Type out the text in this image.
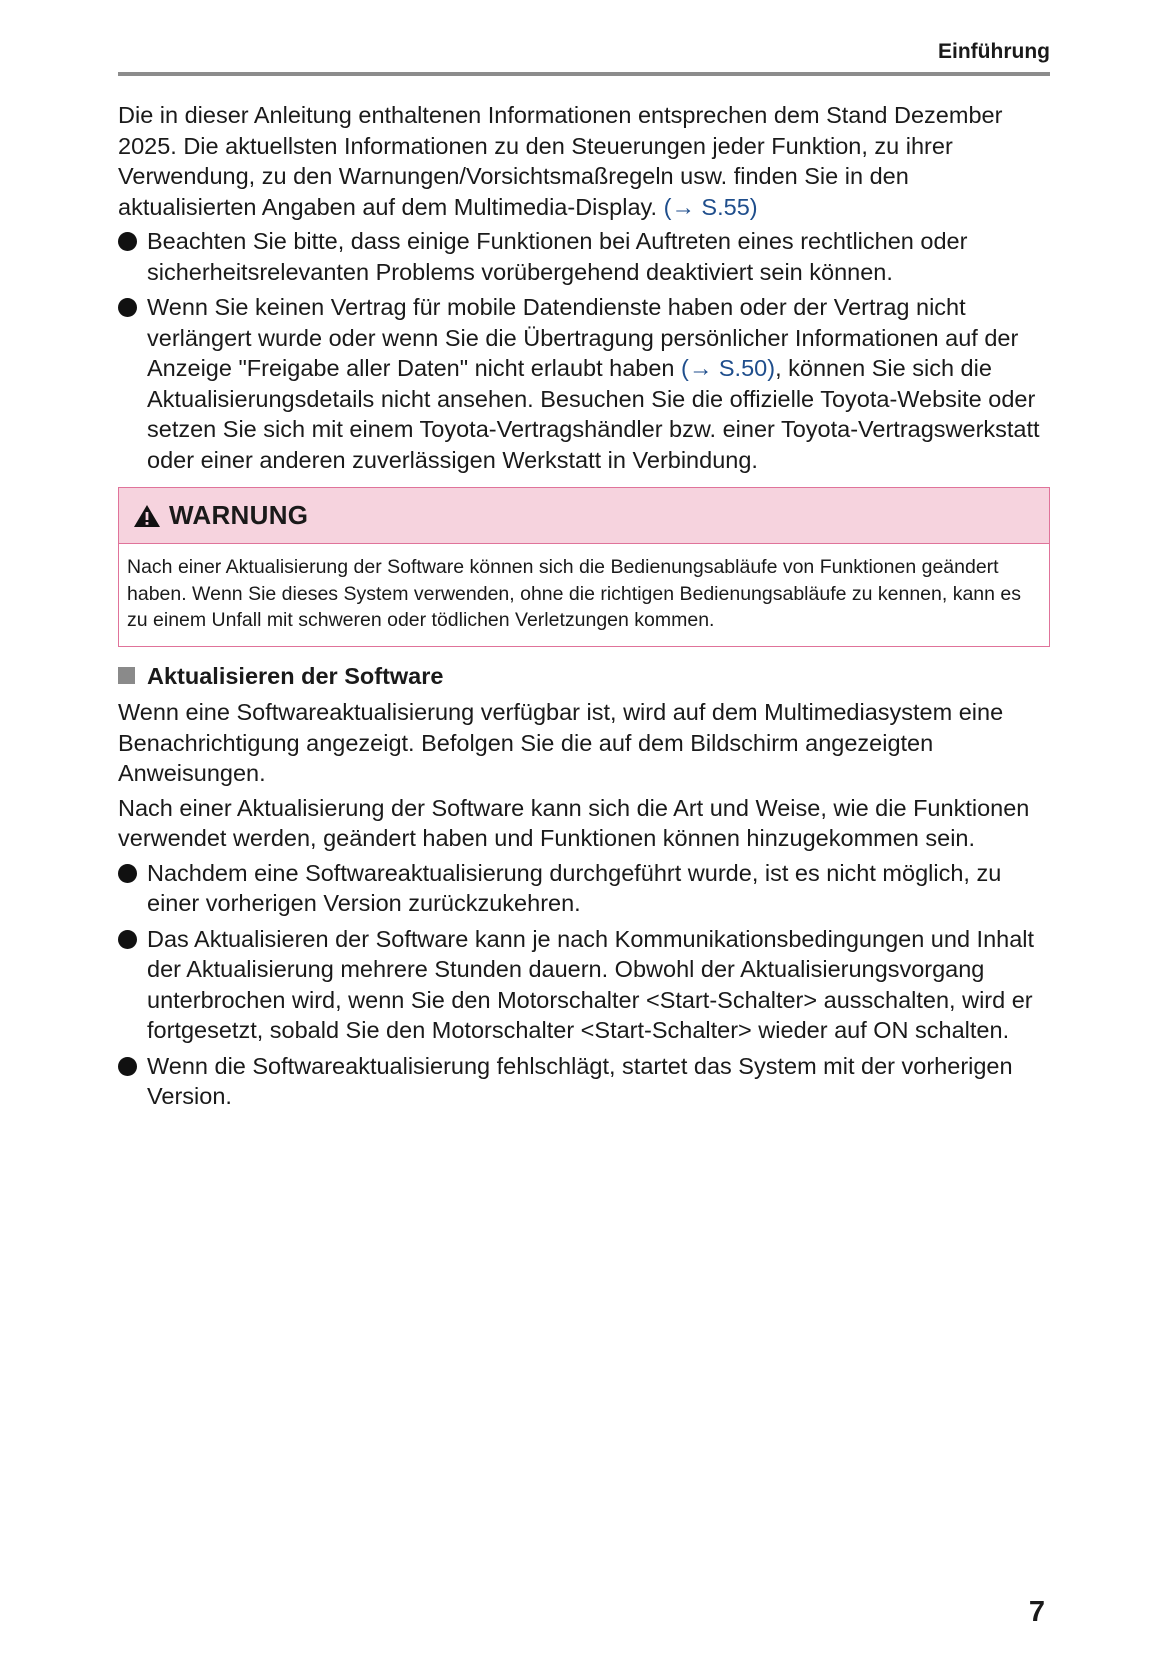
Einführung

Die in dieser Anleitung enthaltenen Informationen entsprechen dem Stand Dezember 2025. Die aktuellsten Informationen zu den Steuerungen jeder Funktion, zu ihrer Verwendung, zu den Warnungen/Vorsichtsmaßregeln usw. finden Sie in den aktualisierten Angaben auf dem Multimedia-Display. (→ S.55)

Beachten Sie bitte, dass einige Funktionen bei Auftreten eines rechtlichen oder sicherheitsrelevanten Problems vorübergehend deaktiviert sein können.
Wenn Sie keinen Vertrag für mobile Datendienste haben oder der Vertrag nicht verlängert wurde oder wenn Sie die Übertragung persönlicher Informationen auf der Anzeige "Freigabe aller Daten" nicht erlaubt haben (→ S.50), können Sie sich die Aktualisierungsdetails nicht ansehen. Besuchen Sie die offizielle Toyota-Website oder setzen Sie sich mit einem Toyota-Vertragshändler bzw. einer Toyota-Vertragswerkstatt oder einer anderen zuverlässigen Werkstatt in Verbindung.
WARNUNG
Nach einer Aktualisierung der Software können sich die Bedienungsabläufe von Funktionen geändert haben. Wenn Sie dieses System verwenden, ohne die richtigen Bedienungsabläufe zu kennen, kann es zu einem Unfall mit schweren oder tödlichen Verletzungen kommen.
Aktualisieren der Software

Wenn eine Softwareaktualisierung verfügbar ist, wird auf dem Multimediasystem eine Benachrichtigung angezeigt. Befolgen Sie die auf dem Bildschirm angezeigten Anweisungen.

Nach einer Aktualisierung der Software kann sich die Art und Weise, wie die Funktionen verwendet werden, geändert haben und Funktionen können hinzugekommen sein.

Nachdem eine Softwareaktualisierung durchgeführt wurde, ist es nicht möglich, zu einer vorherigen Version zurückzukehren.
Das Aktualisieren der Software kann je nach Kommunikationsbedingungen und Inhalt der Aktualisierung mehrere Stunden dauern. Obwohl der Aktualisierungsvorgang unterbrochen wird, wenn Sie den Motorschalter <Start-Schalter> ausschalten, wird er fortgesetzt, sobald Sie den Motorschalter <Start-Schalter> wieder auf ON schalten.
Wenn die Softwareaktualisierung fehlschlägt, startet das System mit der vorherigen Version.
7
